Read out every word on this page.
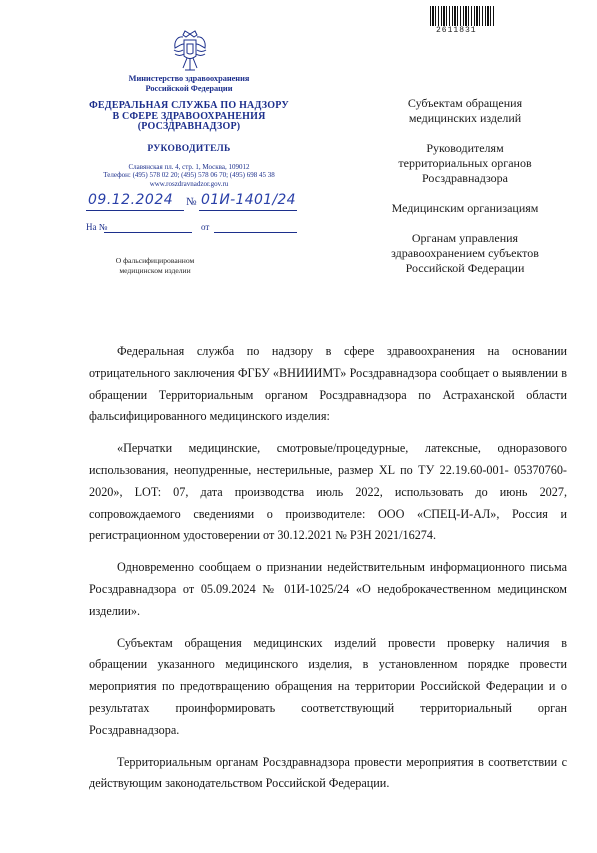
2611831
Министерство здравоохранения
Российской Федерации
ФЕДЕРАЛЬНАЯ СЛУЖБА ПО НАДЗОРУ
В СФЕРЕ ЗДРАВООХРАНЕНИЯ
(РОСЗДРАВНАДЗОР)
РУКОВОДИТЕЛЬ
Славянская пл. 4, стр. 1, Москва, 109012
Телефон: (495) 578 02 20; (495) 578 06 70; (495) 698 45 38
www.roszdravnadzor.gov.ru
09.12.2024 № 01И-1401/24
На №	от
О фальсифицированном
медицинском изделии
Субъектам обращения
медицинских изделий
Руководителям
территориальных органов
Росздравнадзора
Медицинским организациям
Органам управления
здравоохранением субъектов
Российской Федерации

Федеральная служба по надзору в сфере здравоохранения на основании отрицательного заключения ФГБУ «ВНИИИМТ» Росздравнадзора сообщает о выявлении в обращении Территориальным органом Росздравнадзора по Астраханской области фальсифицированного медицинского изделия:

«Перчатки медицинские, смотровые/процедурные, латексные, одноразового использования, неопудренные, нестерильные, размер XL по ТУ 22.19.60-001- 05370760-2020», LOT: 07, дата производства июль 2022, использовать до июнь 2027, сопровождаемого сведениями о производителе: ООО «СПЕЦ-И-АЛ», Россия и регистрационном удостоверении от 30.12.2021 № РЗН 2021/16274.

Одновременно сообщаем о признании недействительным информационного письма Росздравнадзора от 05.09.2024 № 01И-1025/24 «О недоброкачественном медицинском изделии».

Субъектам обращения медицинских изделий провести проверку наличия в обращении указанного медицинского изделия, в установленном порядке провести мероприятия по предотвращению обращения на территории Российской Федерации и о результатах проинформировать соответствующий территориальный орган Росздравнадзора.

Территориальным органам Росздравнадзора провести мероприятия в соответствии с действующим законодательством Российской Федерации.
